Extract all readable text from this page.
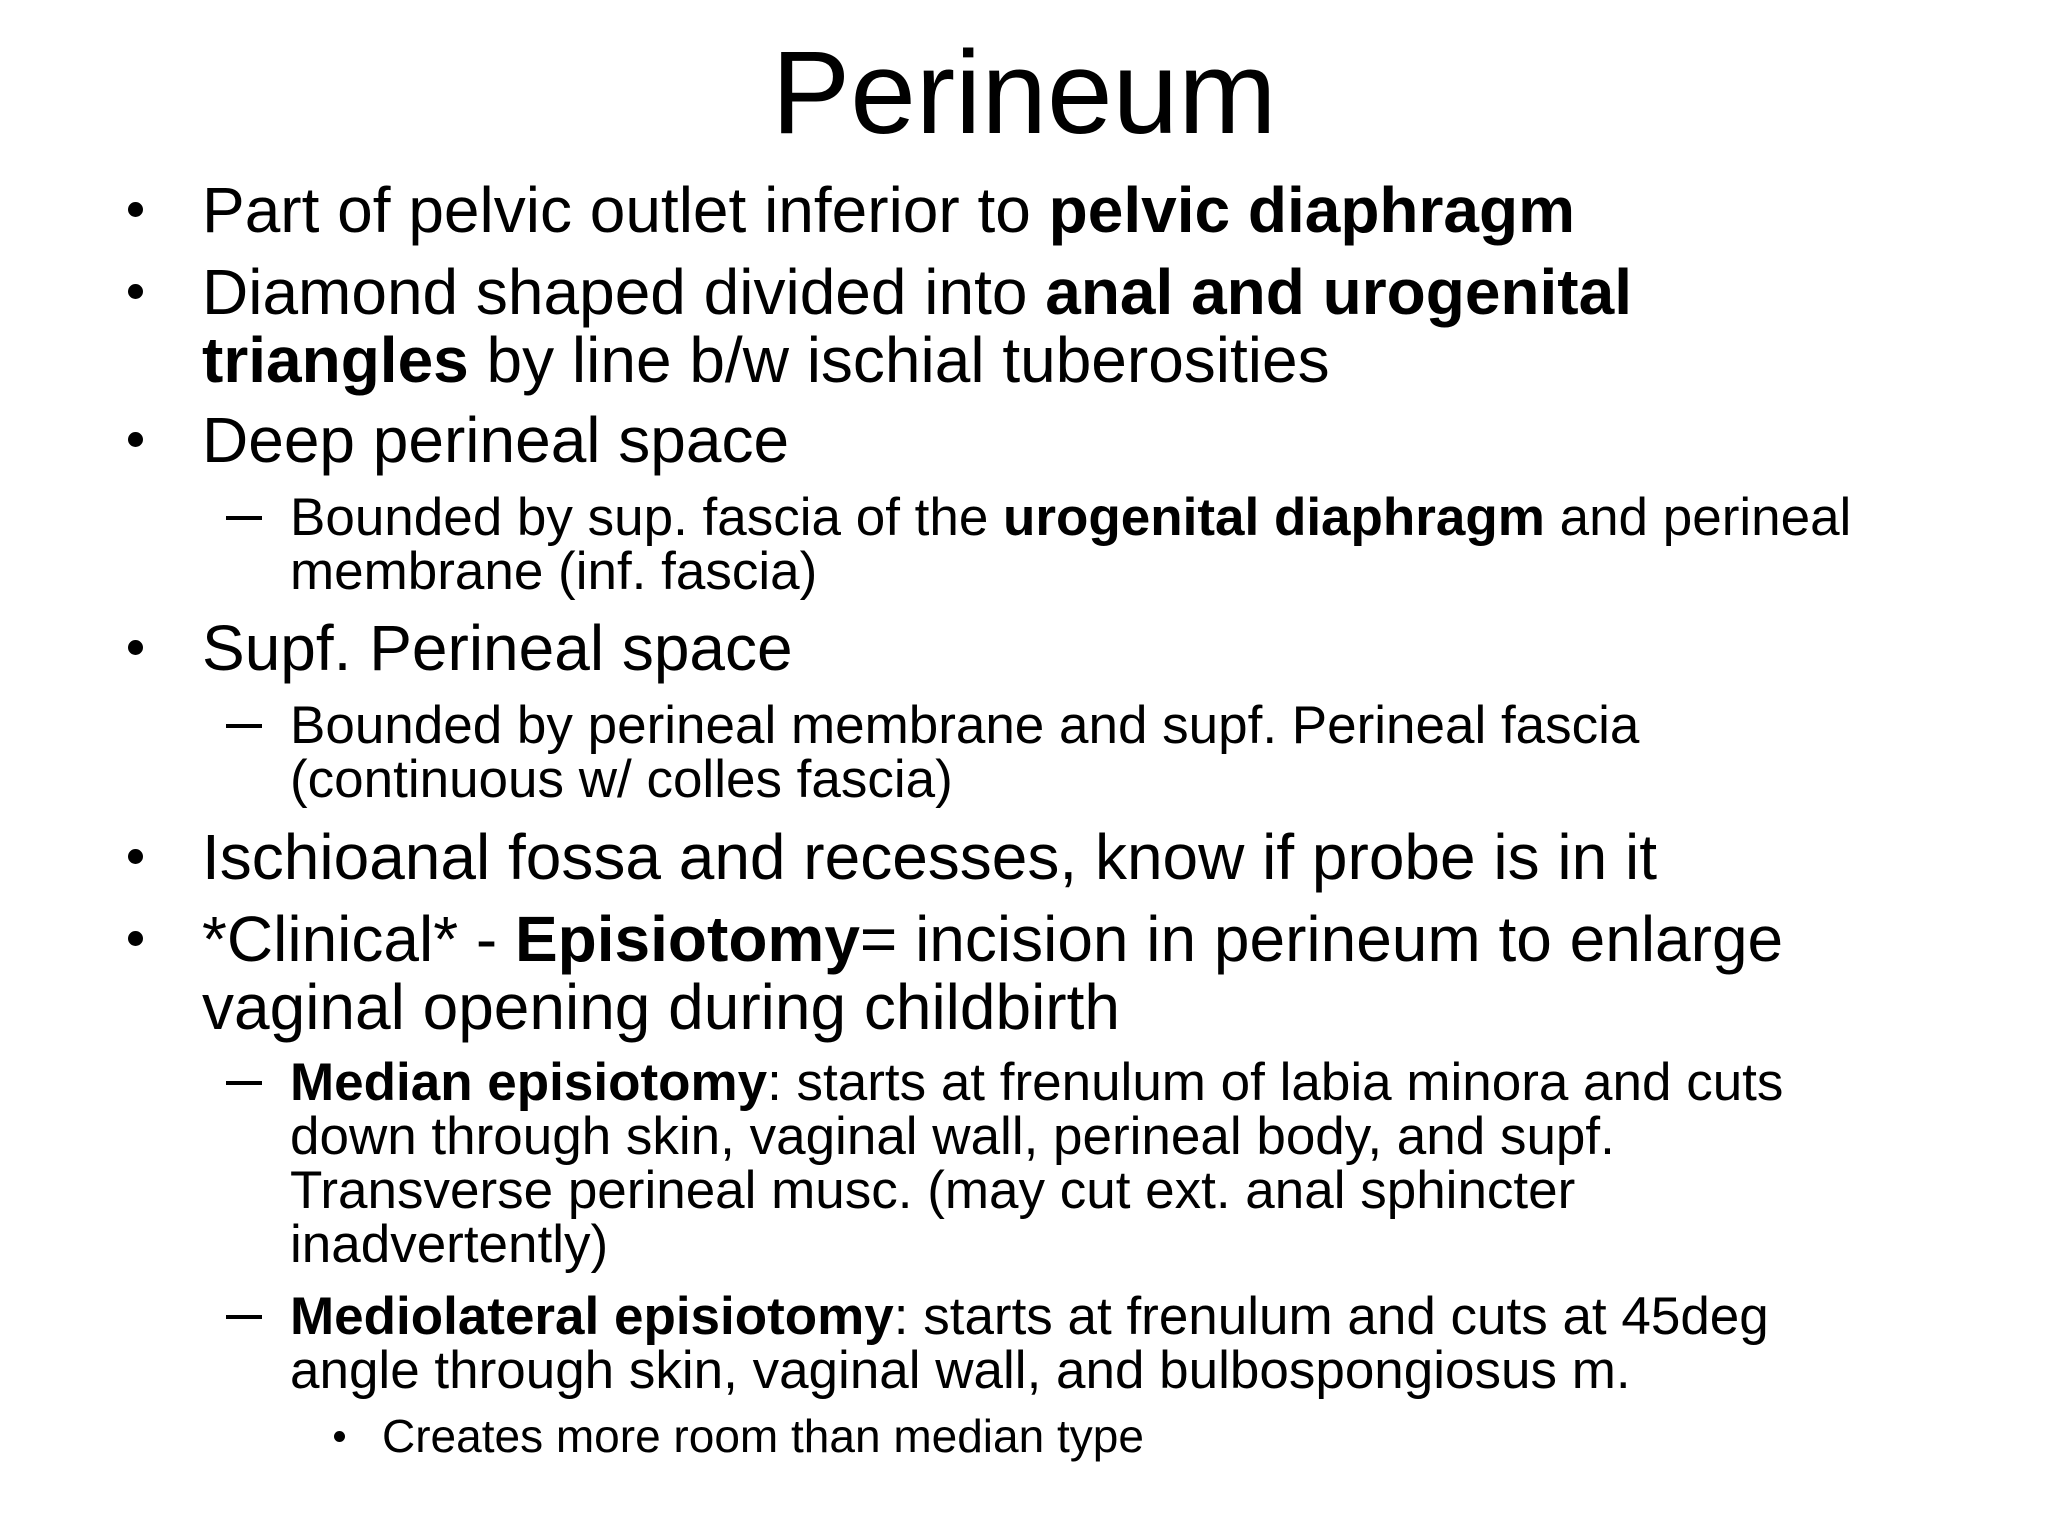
Perineum

Part of pelvic outlet inferior to pelvic diaphragm

Diamond shaped divided into anal and urogenital

triangles by line b/w ischial tuberosities

Deep perineal space

Bounded by sup. fascia of the urogenital diaphragm and perineal

membrane (inf. fascia)

Supf. Perineal space

Bounded by perineal membrane and supf. Perineal fascia

(continuous w/ colles fascia)

Ischioanal fossa and recesses, know if probe is in it

*Clinical* - Episiotomy= incision in perineum to enlarge

vaginal opening during childbirth

Median episiotomy: starts at frenulum of labia minora and cuts

down through skin, vaginal wall, perineal body, and supf.

Transverse perineal musc. (may cut ext. anal sphincter

inadvertently)

Mediolateral episiotomy: starts at frenulum and cuts at 45deg

angle through skin, vaginal wall, and bulbospongiosus m.

Creates more room than median type
